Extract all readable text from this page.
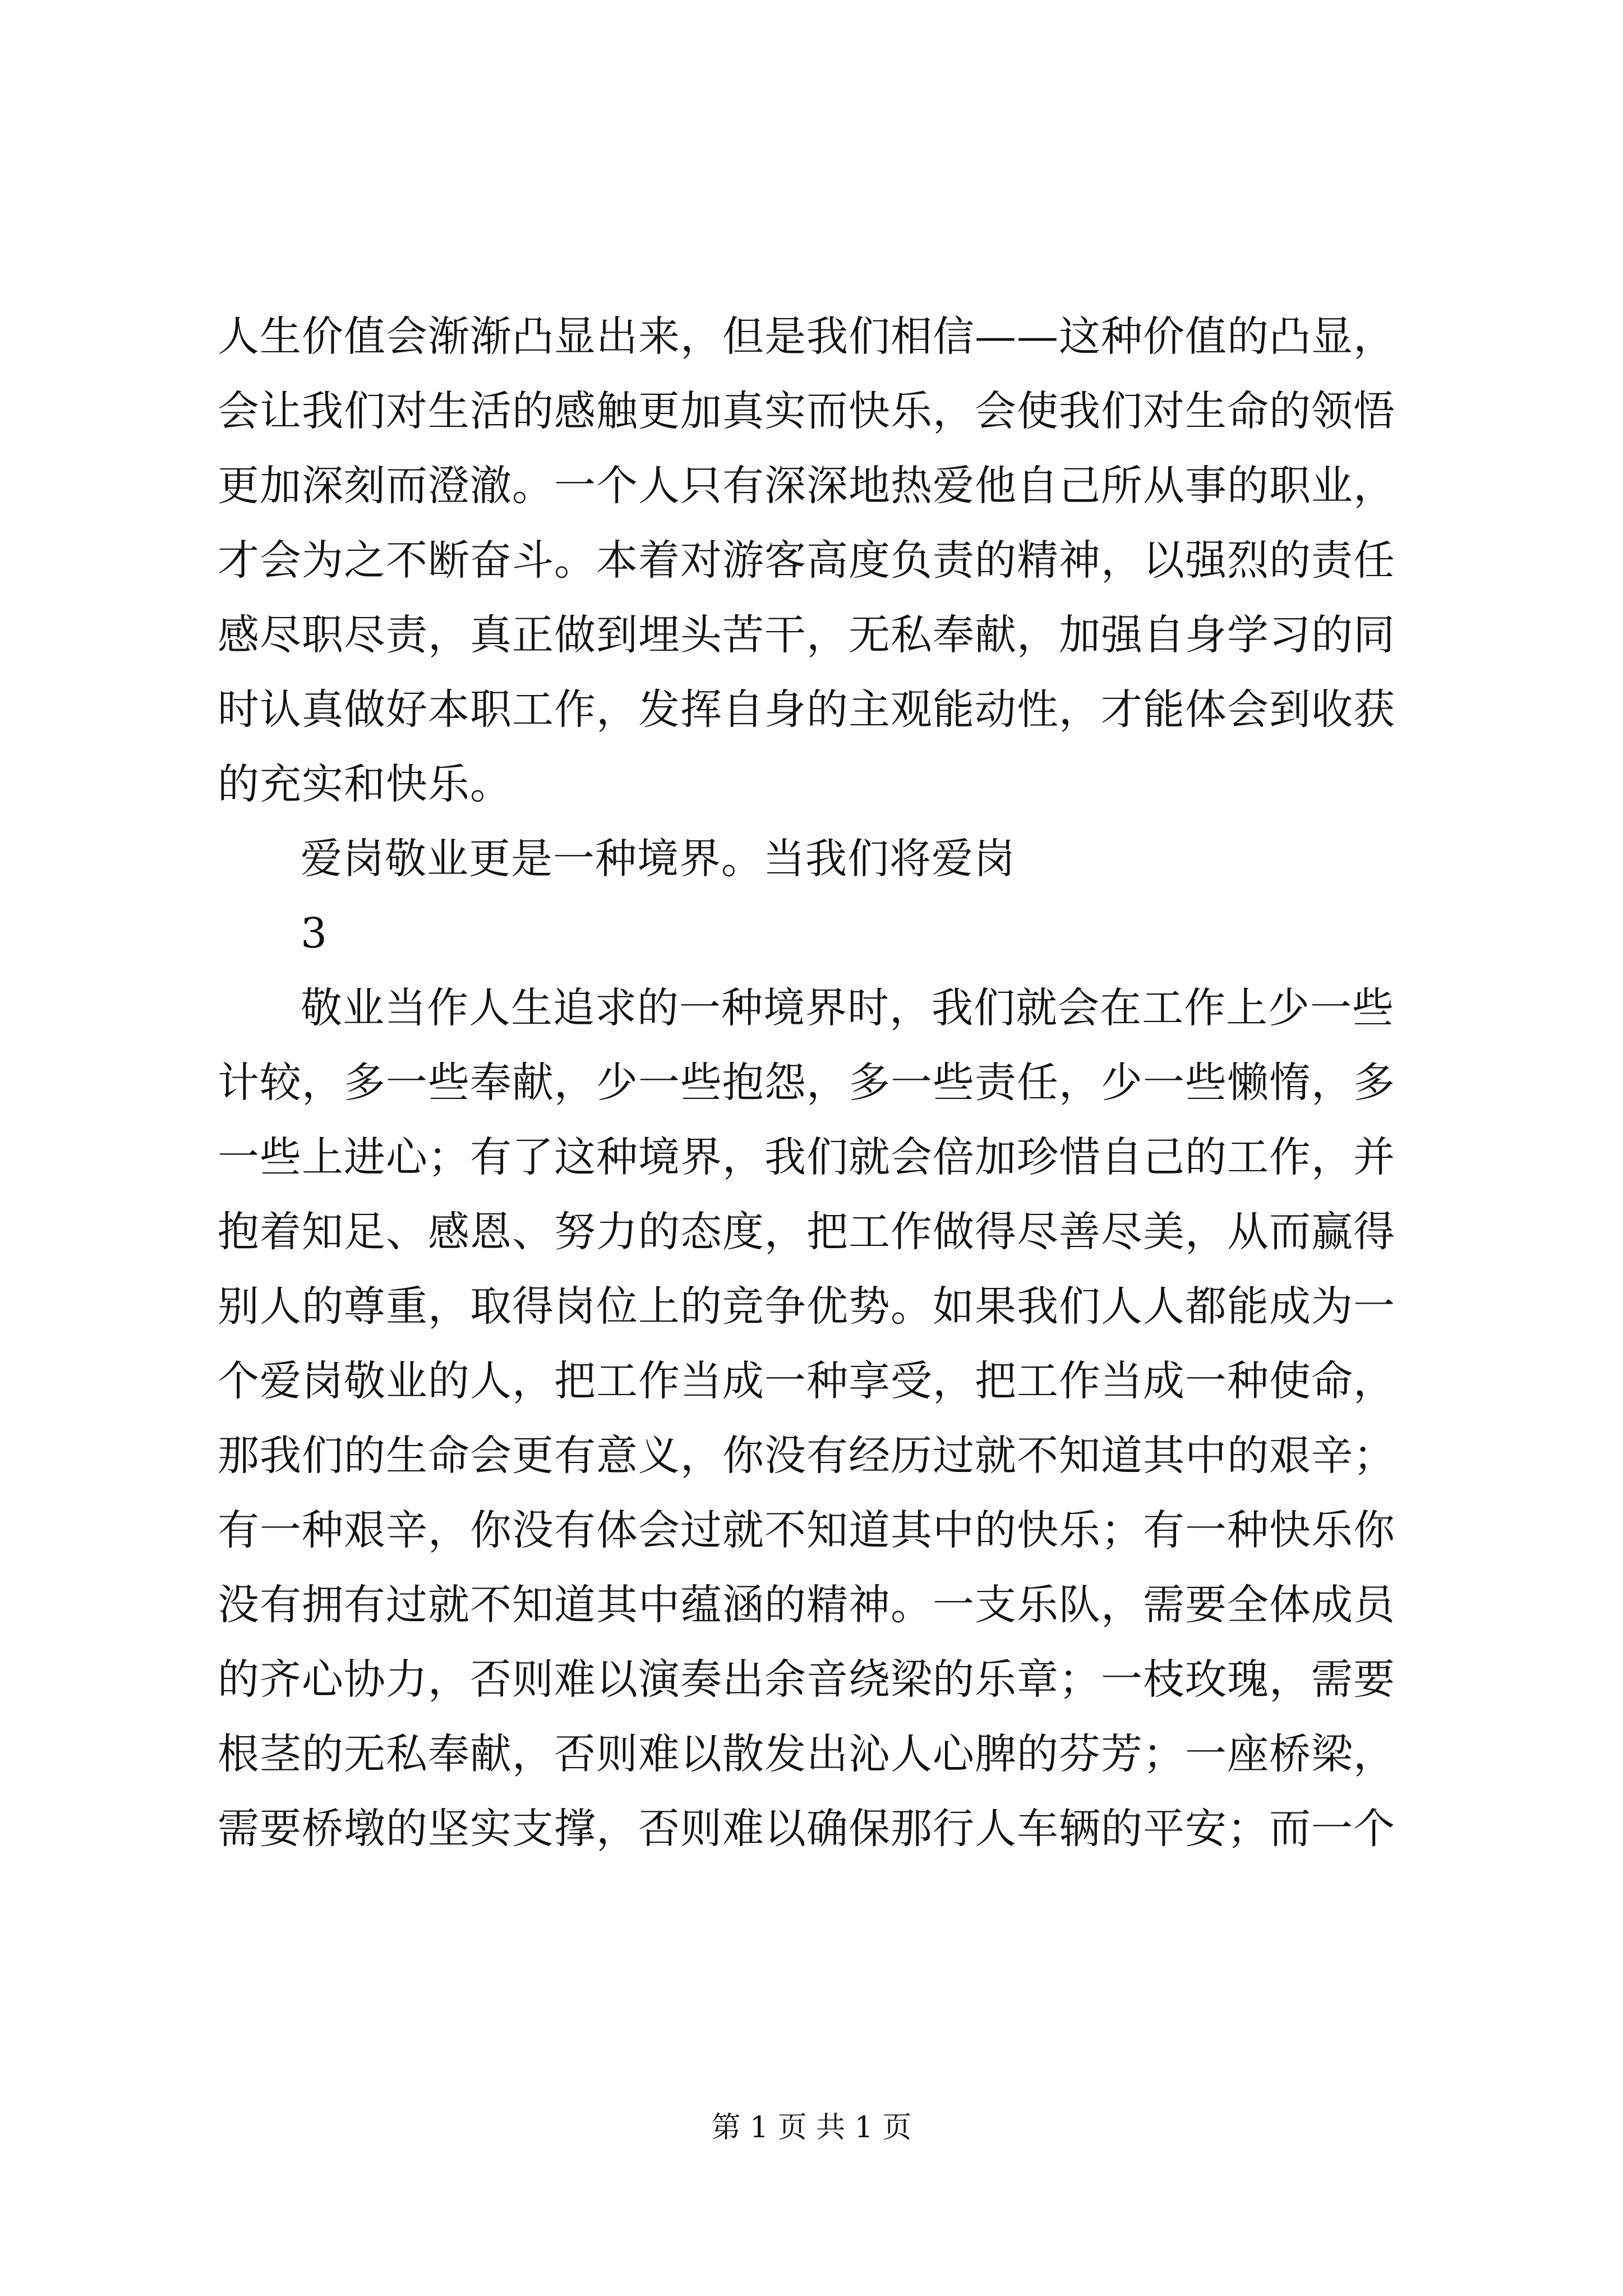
人生价值会渐渐凸显出来，但是我们相信——这种价值的凸显，
会让我们对生活的感触更加真实而快乐，会使我们对生命的领悟
更加深刻而澄澈。一个人只有深深地热爱他自己所从事的职业，
才会为之不断奋斗。本着对游客高度负责的精神，以强烈的责任
感尽职尽责，真正做到埋头苦干，无私奉献，加强自身学习的同
时认真做好本职工作，发挥自身的主观能动性，才能体会到收获
的充实和快乐。
爱岗敬业更是一种境界。当我们将爱岗
3
敬业当作人生追求的一种境界时，我们就会在工作上少一些
计较，多一些奉献，少一些抱怨，多一些责任，少一些懒惰，多
一些上进心；有了这种境界，我们就会倍加珍惜自己的工作，并
抱着知足、感恩、努力的态度，把工作做得尽善尽美，从而赢得
别人的尊重，取得岗位上的竞争优势。如果我们人人都能成为一
个爱岗敬业的人，把工作当成一种享受，把工作当成一种使命，
那我们的生命会更有意义，你没有经历过就不知道其中的艰辛；
有一种艰辛，你没有体会过就不知道其中的快乐；有一种快乐你
没有拥有过就不知道其中蕴涵的精神。一支乐队，需要全体成员
的齐心协力，否则难以演奏出余音绕梁的乐章；一枝玫瑰，需要
根茎的无私奉献，否则难以散发出沁人心脾的芬芳；一座桥梁，
需要桥墩的坚实支撑，否则难以确保那行人车辆的平安；而一个
第 1 页 共 1 页
